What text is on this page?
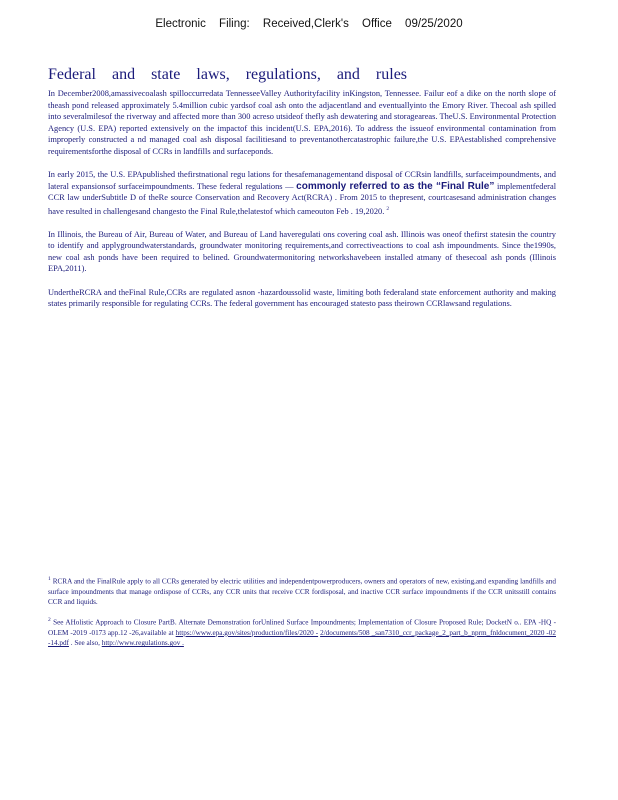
Electronic Filing: Received,Clerk's Office 09/25/2020
Federal and state laws, regulations, and rules

In December2008,amassivecoalash spilloccurredata TennesseeValley Authorityfacility inKingston, Tennessee. Failur eof a dike on the north slope of theash pond released approximately 5.4million cubic yardsof coal ash onto the adjacentland and eventuallyinto the Emory River. Thecoal ash spilled into severalmilesof the riverway and affected more than 300 acreso utsideof thefly ash dewatering and storageareas. TheU.S. Environmental Protection Agency (U.S. EPA) reported extensively on the impactof this incident(U.S. EPA,2016). To address the issueof environmental contamination from improperly constructed a nd managed coal ash disposal facilitiesand to preventanothercatastrophic failure,the U.S. EPAestablished comprehensive requirementsforthe disposal of CCRs in landfills and surfaceponds.

In early 2015, the U.S. EPApublished thefirstnational regu lations for thesafemanagementand disposal of CCRsin landfills, surfaceimpoundments, and lateral expansionsof surfaceimpoundments. These federal regulations — commonly referred to as the “Final Rule” implementfederal CCR law underSubtitle D of theRe source Conservation and Recovery Act(RCRA) . From 2015 to thepresent, courtcasesand administration changes have resulted in challengesand changesto the Final Rule,thelatestof which cameouton Feb . 19,2020. $^2$

In Illinois, the Bureau of Air, Bureau of Water, and Bureau of Land haveregulati ons covering coal ash. Illinois was oneof thefirst statesin the country to identify and applygroundwaterstandards, groundwater monitoring requirements,and correctiveactions to coal ash impoundments. Since the1990s, new coal ash ponds have been required to belined. Groundwatermonitoring networkshavebeen installed atmany of thesecoal ash ponds (Illinois EPA,2011).

UndertheRCRA and theFinal Rule,CCRs are regulated asnon -hazardoussolid waste, limiting both federaland state enforcement authority and making states primarily responsible for regulating CCRs. The federal government has encouraged statesto pass theirown CCRlawsand regulations.

$^1$ RCRA and the FinalRule apply to all CCRs generated by electric utilities and independentpowerproducers, owners and operators of new, existing,and expanding landfills and surface impoundments that manage ordispose of CCRs, any CCR units that receive CCR fordisposal, and inactive CCR surface impoundments if the CCR unitsstill contains CCR and liquids.

$^2$ See AHolistic Approach to Closure PartB. Alternate Demonstration forUnlined Surface Impoundments; Implementation of Closure Proposed Rule; DocketN o.. EPA -HQ -OLEM -2019 -0173 app.12 -26,available at https://www.epa.gov/sites/production/files/2020 - 2/documents/508 _san7310_ccr_package_2_part_b_nprm_fnldocument_2020 -02 -14.pdf . See also, http://www.regulations.gov .
